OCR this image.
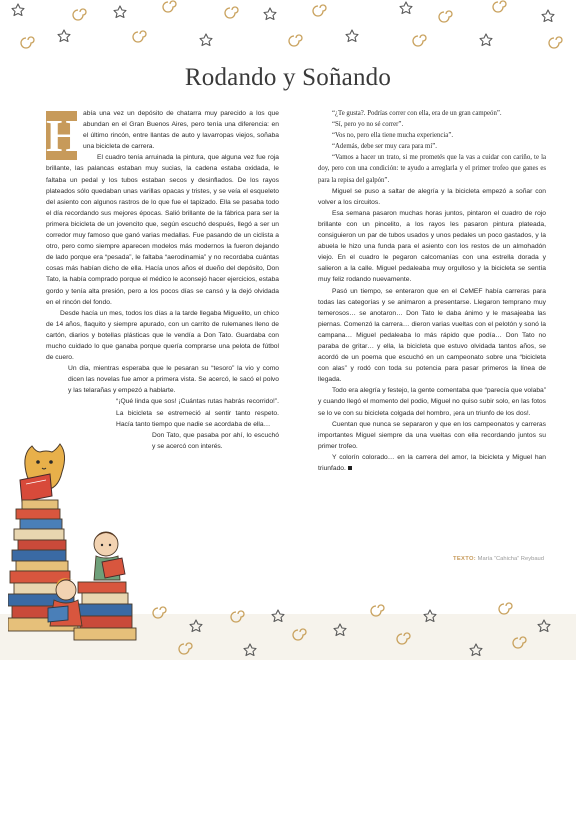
Rodando y Soñando
H abía una vez un depósito de chatarra muy parecido a los que abundan en el Gran Buenos Aires, pero tenía una diferencia: en el último rincón, entre llantas de auto y lavarropas viejos, soñaba una bicicleta de carrera.

El cuadro tenía arruinada la pintura, que alguna vez fue roja brillante, las palancas estaban muy sucias, la cadena estaba oxidada, le faltaba un pedal y los tubos estaban secos y desinflados. De los rayos plateados sólo quedaban unas varillas opacas y tristes, y se veía el esqueleto del asiento con algunos rastros de lo que fue el tapizado. Ella se pasaba todo el día recordando sus mejores épocas. Salió brillante de la fábrica para ser la primera bicicleta de un jovencito que, según escuchó después, llegó a ser un corredor muy famoso que ganó varias medallas. Fue pasando de un ciclista a otro, pero como siempre aparecen modelos más modernos la fueron dejando de lado porque era “pesada”, le faltaba “aerodinamia” y no recordaba cuántas cosas más habían dicho de ella. Hacía unos años el dueño del depósito, Don Tato, la había comprado porque el médico le aconsejó hacer ejercicios, estaba gordo y tenía alta presión, pero a los pocos días se cansó y la dejó olvidada en el rincón del fondo.

Desde hacía un mes, todos los días a la tarde llegaba Miguelito, un chico de 14 años, flaquito y siempre apurado, con un carrito de rulemanes lleno de cartón, diarios y botellas plásticas que le vendía a Don Tato. Guardaba con mucho cuidado lo que ganaba porque quería comprarse una pelota de fútbol de cuero.

Un día, mientras esperaba que le pesaran su “tesoro” la vio y como dicen las novelas fue amor a primera vista. Se acercó, le sacó el polvo y las telarañas y empezó a hablarte.

“¡Qué linda que sos! ¡Cuántas rutas habrás recorrido!”. La bicicleta se estremeció al sentir tanto respeto. Hacía tanto tiempo que nadie se acordaba de ella…

Don Tato, que pasaba por ahí, lo escuchó y se acercó con interés.

“¿Te gusta?. Podrías correr con ella, era de un gran campeón”.

“Sí, pero yo no sé correr”.

“Vos no, pero ella tiene mucha experiencia”.

“Además, debe ser muy cara para mí”.

“Vamos a hacer un trato, si me prometés que la vas a cuidar con cariño, te la doy, pero con una condición: te ayudo a arreglarla y el primer trofeo que ganes es para la repisa del galpón”.

Miguel se puso a saltar de alegría y la bicicleta empezó a soñar con volver a los circuitos.

Esa semana pasaron muchas horas juntos, pintaron el cuadro de rojo brillante con un pincelito, a los rayos les pasaron pintura plateada, consiguieron un par de tubos usados y unos pedales un poco gastados, y la abuela le hizo una funda para el asiento con los restos de un almohadón viejo. En el cuadro le pegaron calcomanías con una estrella dorada y salieron a la calle. Miguel pedaleaba muy orgulloso y la bicicleta se sentía muy feliz rodando nuevamente.

Pasó un tiempo, se enteraron que en el CeMEF había carreras para todas las categorías y se animaron a presentarse. Llegaron temprano muy temerosos… se anotaron… Don Tato le daba ánimo y le masajeaba las piernas. Comenzó la carrera… dieron varias vueltas con el pelotón y sonó la campana… Miguel pedaleaba lo más rápido que podía… Don Tato no paraba de gritar… y ella, la bicicleta que estuvo olvidada tantos años, se acordó de un poema que escuchó en un campeonato sobre una “bicicleta con alas” y rodó con toda su potencia para pasar primeros la línea de llegada.

Todo era alegría y festejo, la gente comentaba que “parecía que volaba” y cuando llegó el momento del podio, Miguel no quiso subir solo, en las fotos se lo ve con su bicicleta colgada del hombro, ¡era un triunfo de los dos!.

Cuentan que nunca se separaron y que en los campeonatos y carreras importantes Miguel siempre da una vueltas con ella recordando juntos su primer trofeo.

Y colorín colorado… en la carrera del amor, la bicicleta y Miguel han triunfado.

TEXTO: María “Cahicha” Reybaud
